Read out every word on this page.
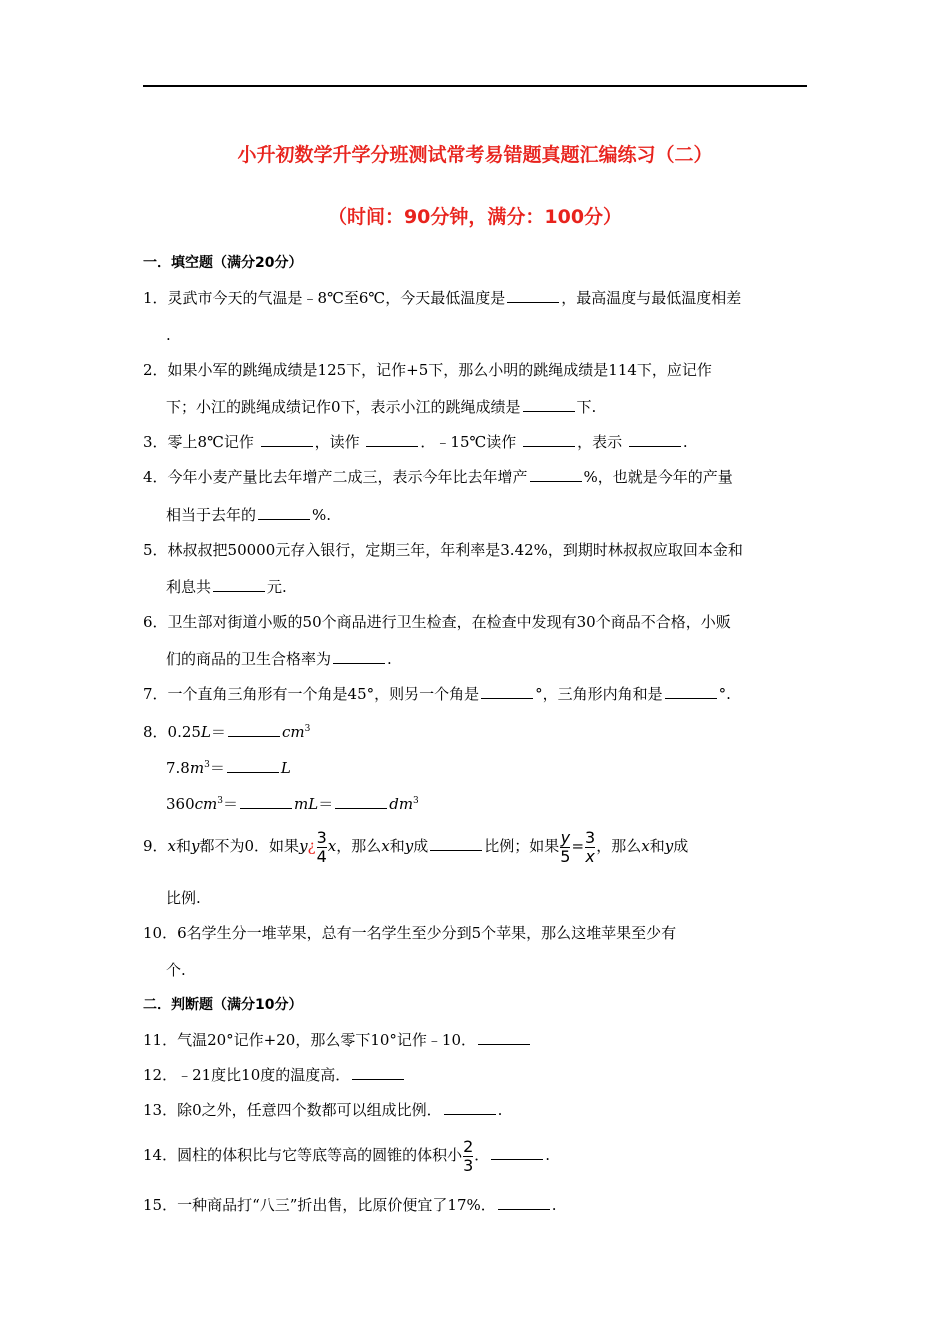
小升初数学升学分班测试常考易错题真题汇编练习（二）
（时间：90分钟，满分：100分）
一．填空题（满分20分）
1．灵武市今天的气温是﹣8℃至6℃，今天最低温度是	，最高温度与最低温度相差
.
2．如果小军的跳绳成绩是125下，记作+5下，那么小明的跳绳成绩是114下，应记作
下；小江的跳绳成绩记作0下，表示小江的跳绳成绩是	下.
3．零上8℃记作	，读作	．﹣15℃读作	，表示	.
4．今年小麦产量比去年增产二成三，表示今年比去年增产	%，也就是今年的产量
相当于去年的	%.
5．林叔叔把50000元存入银行，定期三年，年利率是3.42%，到期时林叔叔应取回本金和
利息共	元.
6．卫生部对街道小贩的50个商品进行卫生检查，在检查中发现有30个商品不合格，小贩
们的商品的卫生合格率为	.
7．一个直角三角形有一个角是45°，则另一个角是	°，三角形内角和是	°.
8．0.25L＝	$cm^3$
$7.8m^3=$	L
$360cm^3=$	mL＝	$dm^3$
9．x和y都不为0．如果y¿ $\frac{3}{4}$ x，那么x和y成	比例；如果 $\frac{y}{5} = \frac{3}{x}$ ，那么x和y成
比例.
10．6名学生分一堆苹果，总有一名学生至少分到5个苹果，那么这堆苹果至少有
个.
二．判断题（满分10分）
11．气温20°记作+20，那么零下10°记作﹣10．
12．﹣21度比10度的温度高．
13．除0之外，任意四个数都可以组成比例．	.
14．圆柱的体积比与它等底等高的圆锥的体积小 $\frac{2}{3}$ ．	.
15．一种商品打“八三”折出售，比原价便宜了17%．	.
